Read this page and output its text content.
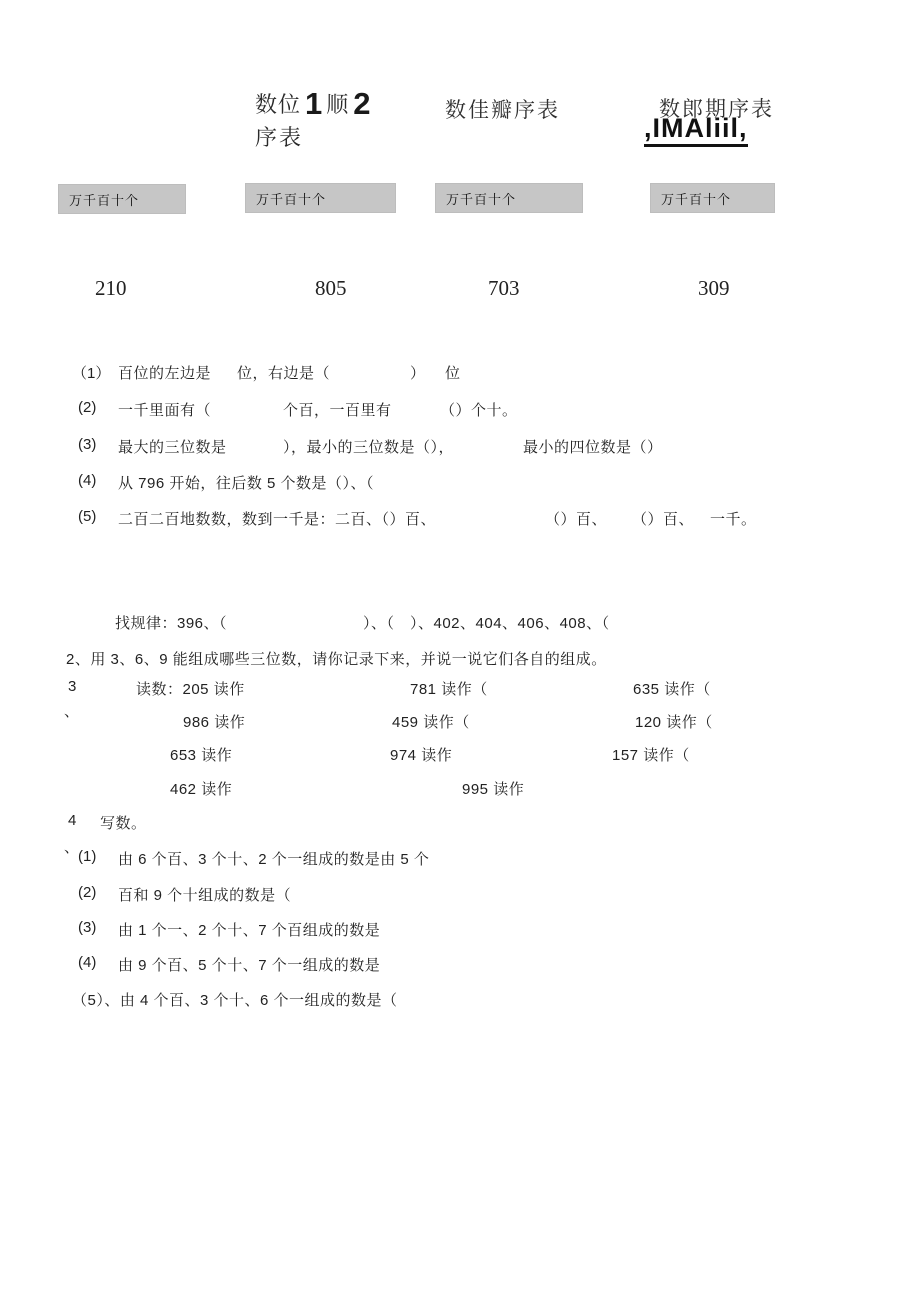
数位 1 顺 2
序表
数佳瓣序表	数郎期序表
,IMAliil,
万千百十个	万千百十个	万千百十个	万千百十个
210	805	703	309
（1） 百位的左边是 位，右边是（	） 位
(2) 一千里面有（	个百，一百里有	（）个十。
(3) 最大的三位数是	），最小的三位数是（），	最小的四位数是（）
(4) 从 796 开始，往后数 5 个数是（）、（
(5) 二百二百地数数，数到一千是：二百、（）百、	（）百、 （）百、 一千。
找规律：396、（	）、（　）、402、404、406、408、（
2、用 3、6、9 能组成哪些三位数，请你记录下来，并说一说它们各自的组成。
3
、
读数：205 读作	781 读作（	635 读作（
986 读作	459 读作（	120 读作（
653 读作	974 读作	157 读作（
462 读作	995 读作
4 写数。
、
(1) 由 6 个百、3 个十、2 个一组成的数是由 5 个
(2) 百和 9 个十组成的数是（
(3) 由 1 个一、2 个十、7 个百组成的数是
(4) 由 9 个百、5 个十、7 个一组成的数是
（5）、由 4 个百、3 个十、6 个一组成的数是（
